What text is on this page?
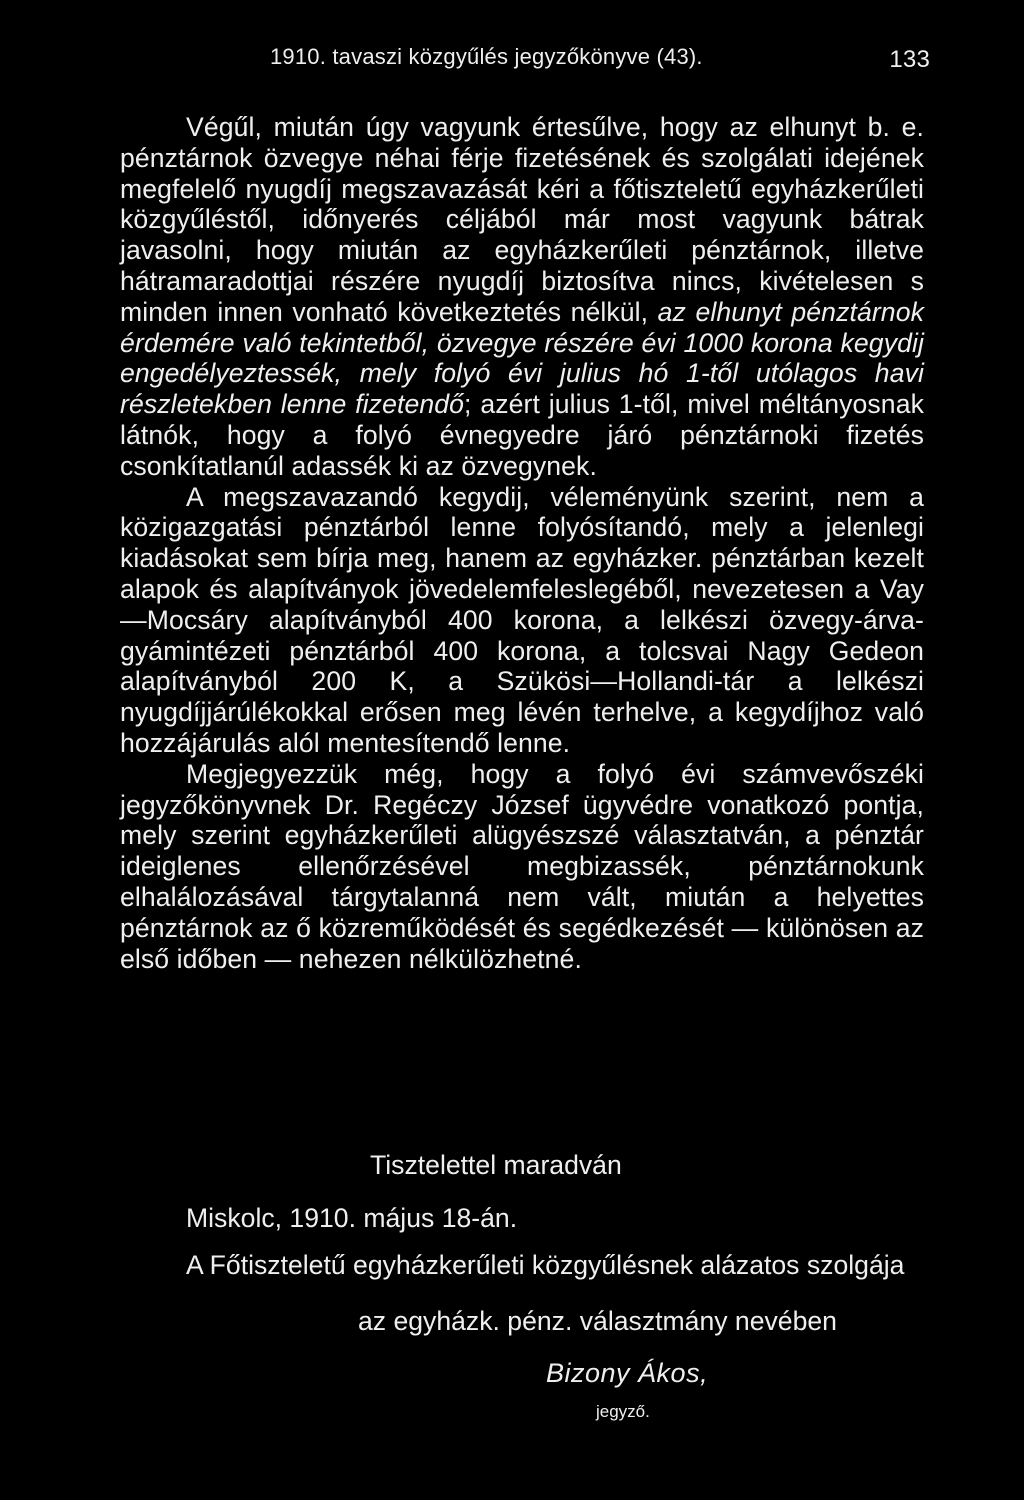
1910. tavaszi közgyűlés jegyzőkönyve (43).	133

Végűl, miután úgy vagyunk értesűlve, hogy az elhunyt b. e. pénztárnok özvegye néhai férje fizetésének és szolgálati idejének megfelelő nyugdíj megszavazását kéri a főtiszteletű egyházkerűleti közgyűléstől, időnyerés céljából már most vagyunk bátrak javasolni, hogy miután az egyházkerűleti pénztárnok, illetve hátramaradottjai részére nyugdíj biztosítva nincs, kivételesen s minden innen vonható következtetés nélkül, az elhunyt pénztárnok érdemére való tekintetből, özvegye részére évi 1000 korona kegydij engedélyeztessék, mely folyó évi julius hó 1-től utólagos havi részletekben lenne fizetendő; azért julius 1-től, mivel méltányosnak látnók, hogy a folyó évnegyedre járó pénztárnoki fizetés csonkítatlanúl adassék ki az özvegynek.

A megszavazandó kegydij, véleményünk szerint, nem a közigazgatási pénztárból lenne folyósítandó, mely a jelenlegi kiadásokat sem bírja meg, hanem az egyházker. pénztárban kezelt alapok és alapítványok jövedelemfeleslegéből, nevezetesen a Vay—Mocsáry alapítványból 400 korona, a lelkészi özvegy-árva-gyámintézeti pénztárból 400 korona, a tolcsvai Nagy Gedeon alapítványból 200 K, a Szükösi—Hollandi-tár a lelkészi nyugdíjjárúlékokkal erősen meg lévén terhelve, a kegydíjhoz való hozzájárulás alól mentesítendő lenne.

Megjegyezzük még, hogy a folyó évi számvevőszéki jegyzőkönyvnek Dr. Regéczy József ügyvédre vonatkozó pontja, mely szerint egyházkerűleti alügyészszé választatván, a pénztár ideiglenes ellenőrzésével megbizassék, pénztárnokunk elhalálozásával tárgytalanná nem vált, miután a helyettes pénztárnok az ő közreműködését és segédkezését — különösen az első időben — nehezen nélkülözhetné.

Tisztelettel maradván
Miskolc, 1910. május 18-án.
A Főtiszteletű egyházkerűleti közgyűlésnek alázatos szolgája
az egyházk. pénz. választmány nevében
Bizony Ákos,
jegyző.
